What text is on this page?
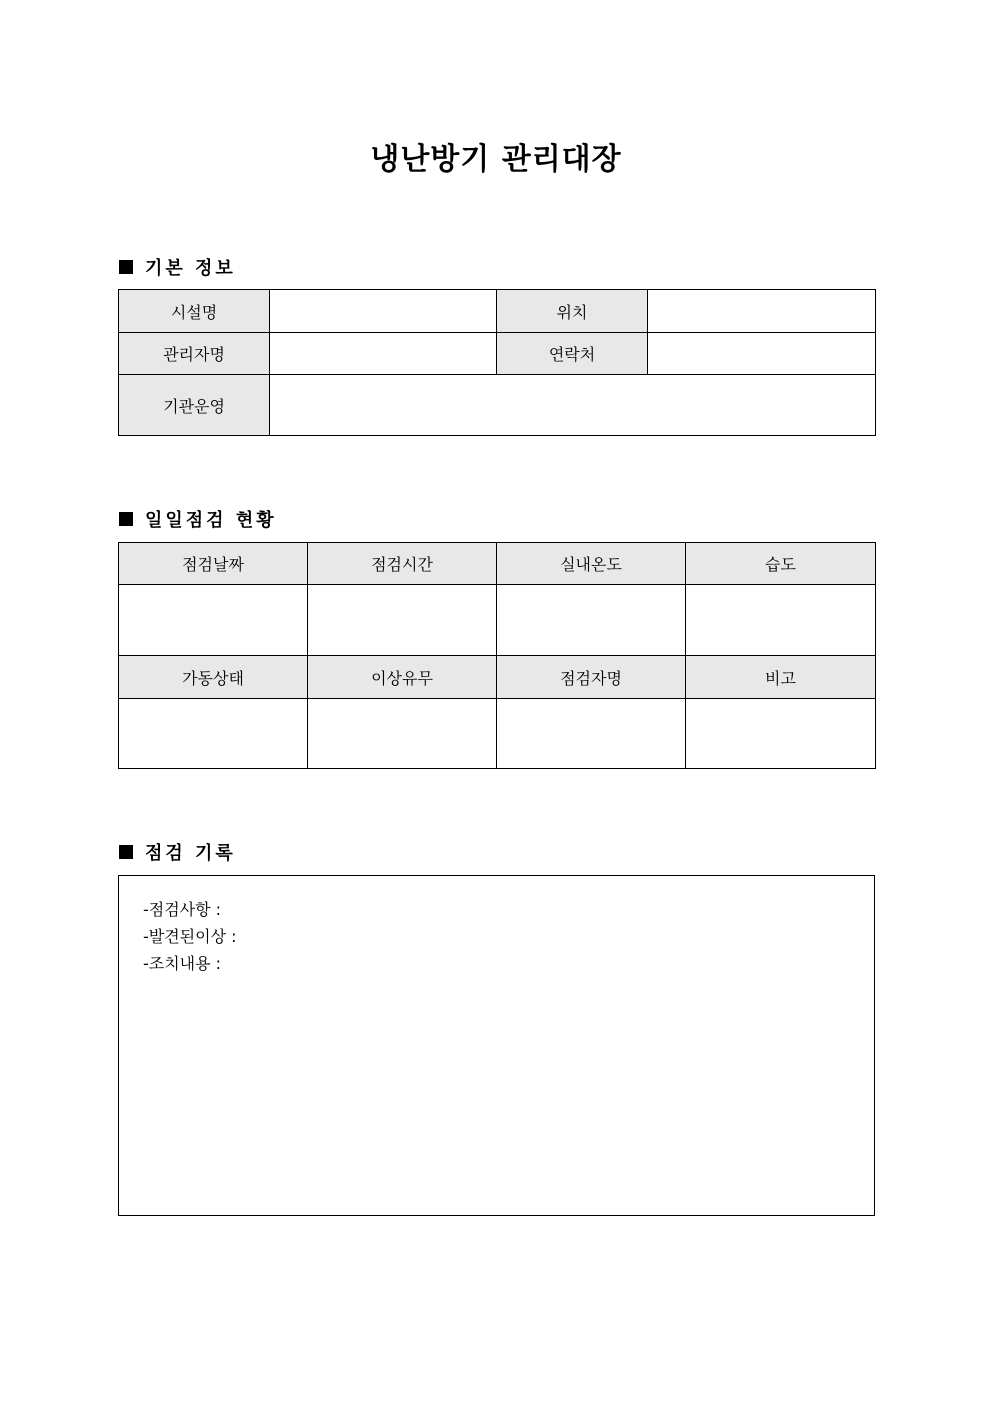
냉난방기 관리대장
기본 정보
시설명		위치	
관리자명		연락처	
기관운영			
일일점검 현황
점검날짜	점검시간	실내온도	습도

가동상태	이상유무	점검자명	비고

점검 기록
-점검사항 :
-발견된이상 :
-조치내용 :
